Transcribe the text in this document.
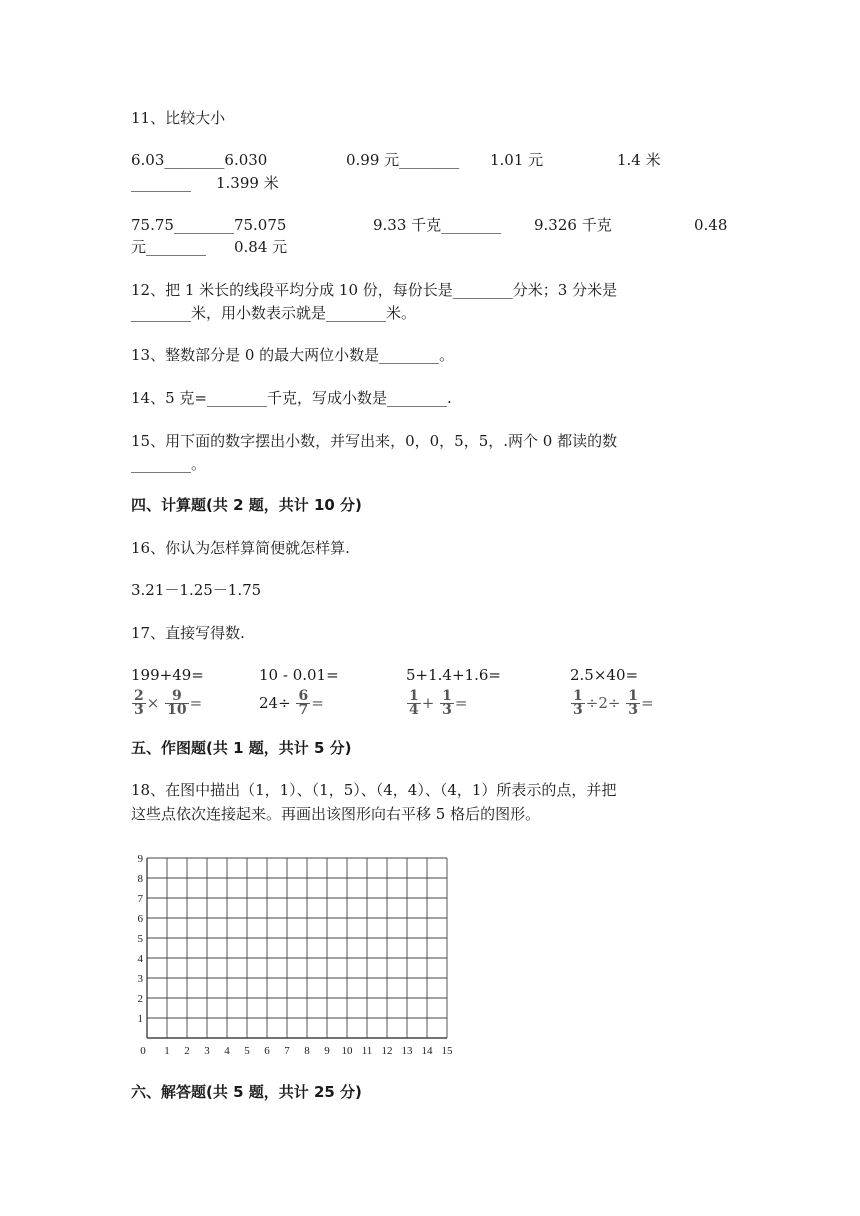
11、比较大小
6.03________6.030	0.99 元________ 1.01 元	1.4 米
________ 1.399 米
75.75________75.075	9.33 千克________ 9.326 千克	0.48
元________ 0.84 元
12、把 1 米长的线段平均分成 10 份，每份长是________分米；3 分米是
________米，用小数表示就是________米。
13、整数部分是 0 的最大两位小数是________。
14、5 克=________千克，写成小数是________.
15、用下面的数字摆出小数，并写出来，0，0，5，5，.两个 0 都读的数
________。
四、计算题(共 2 题，共计 10 分)
16、你认为怎样算简便就怎样算.
3.21－1.25－1.75
17、直接写得数.
199+49=	10 - 0.01=	5+1.4+1.6=	2.5×40=
$\frac{2}{3} \times \frac{9}{10}$ =	$24\div \frac{6}{7}$ =	$\frac{1}{4} + \frac{1}{3}$ =	$\frac{1}{3} \div 2\div \frac{1}{3}$ =
五、作图题(共 1 题，共计 5 分)
18、在图中描出（1，1）、（1，5）、（4，4）、（4，1）所表示的点，并把
这些点依次连接起来。再画出该图形向右平移 5 格后的图形。
0 1 2 3 4 5 6 7 8 9 10 11 12 13 14 15
1
2
3
4
5
6
7
8
9
六、解答题(共 5 题，共计 25 分)
